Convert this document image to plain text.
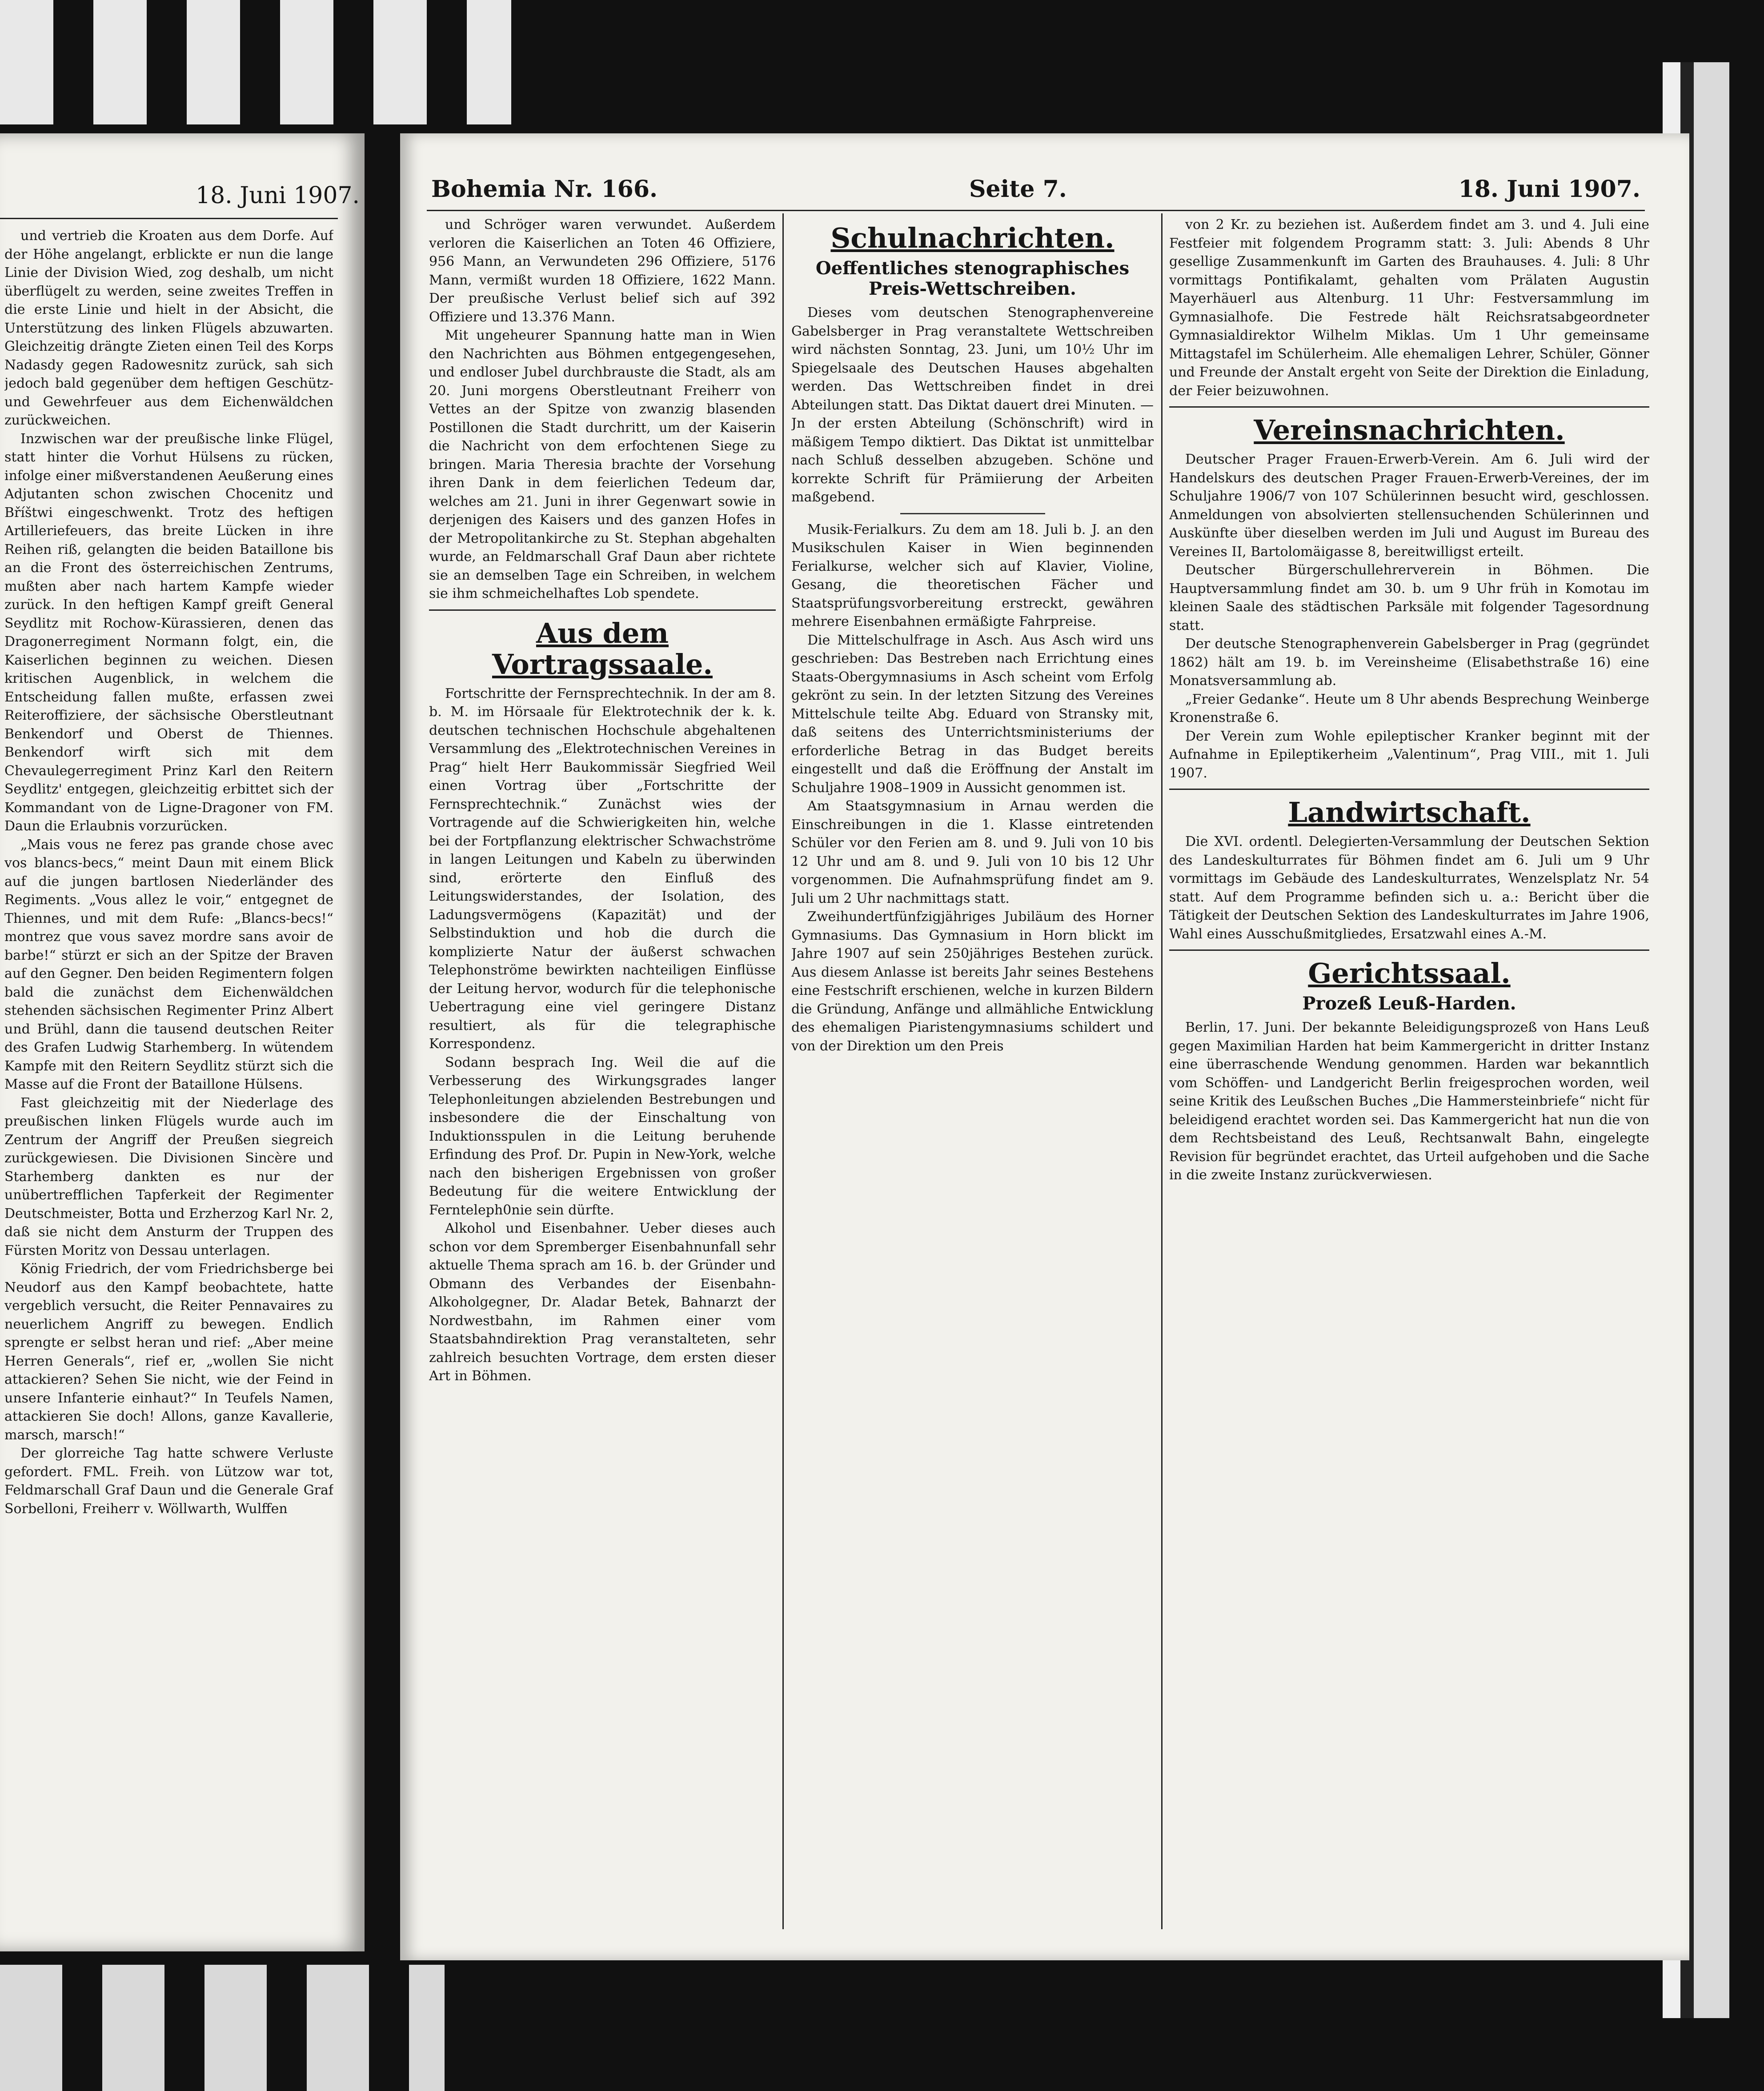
18. Juni 1907.

und vertrieb die Kroaten aus dem Dorfe. Auf der Höhe angelangt, erblickte er nun die lange Linie der Division Wied, zog deshalb, um nicht überflügelt zu werden, seine zweites Treffen in die erste Linie und hielt in der Absicht, die Unterstützung des linken Flügels abzuwarten. Gleichzeitig drängte Zieten einen Teil des Korps Nadasdy gegen Radowesnitz zurück, sah sich jedoch bald gegenüber dem heftigen Geschütz- und Gewehrfeuer aus dem Eichenwäldchen zurückweichen.

Inzwischen war der preußische linke Flügel, statt hinter die Vorhut Hülsens zu rücken, infolge einer mißverstandenen Aeußerung eines Adjutanten schon zwischen Chocenitz und Bříštwi eingeschwenkt. Trotz des heftigen Artilleriefeuers, das breite Lücken in ihre Reihen riß, gelangten die beiden Bataillone bis an die Front des österreichischen Zentrums, mußten aber nach hartem Kampfe wieder zurück. In den heftigen Kampf greift General Seydlitz mit Rochow-Kürassieren, denen das Dragonerregiment Normann folgt, ein, die Kaiserlichen beginnen zu weichen. Diesen kritischen Augenblick, in welchem die Entscheidung fallen mußte, erfassen zwei Reiteroffiziere, der sächsische Oberstleutnant Benkendorf und Oberst de Thiennes. Benkendorf wirft sich mit dem Chevaulegerregiment Prinz Karl den Reitern Seydlitz' entgegen, gleichzeitig erbittet sich der Kommandant von de Ligne-Dragoner von FM. Daun die Erlaubnis vorzurücken.

„Mais vous ne ferez pas grande chose avec vos blancs-becs,“ meint Daun mit einem Blick auf die jungen bartlosen Niederländer des Regiments. „Vous allez le voir,“ entgegnet de Thiennes, und mit dem Rufe: „Blancs-becs!“ montrez que vous savez mordre sans avoir de barbe!“ stürzt er sich an der Spitze der Braven auf den Gegner. Den beiden Regimentern folgen bald die zunächst dem Eichenwäldchen stehenden sächsischen Regimenter Prinz Albert und Brühl, dann die tausend deutschen Reiter des Grafen Ludwig Starhemberg. In wütendem Kampfe mit den Reitern Seydlitz stürzt sich die Masse auf die Front der Bataillone Hülsens.

Fast gleichzeitig mit der Niederlage des preußischen linken Flügels wurde auch im Zentrum der Angriff der Preußen siegreich zurückgewiesen. Die Divisionen Sincère und Starhemberg dankten es nur der unübertrefflichen Tapferkeit der Regimenter Deutschmeister, Botta und Erzherzog Karl Nr. 2, daß sie nicht dem Ansturm der Truppen des Fürsten Moritz von Dessau unterlagen.

König Friedrich, der vom Friedrichsberge bei Neudorf aus den Kampf beobachtete, hatte vergeblich versucht, die Reiter Pennavaires zu neuerlichem Angriff zu bewegen. Endlich sprengte er selbst heran und rief: „Aber meine Herren Generals“, rief er, „wollen Sie nicht attackieren? Sehen Sie nicht, wie der Feind in unsere Infanterie einhaut?“ In Teufels Namen, attackieren Sie doch! Allons, ganze Kavallerie, marsch, marsch!“

Der glorreiche Tag hatte schwere Verluste gefordert. FML. Freih. von Lützow war tot, Feldmarschall Graf Daun und die Generale Graf Sorbelloni, Freiherr v. Wöllwarth, Wulffen

Bohemia Nr. 166.	Seite 7.	18. Juni 1907.

und Schröger waren verwundet. Außerdem verloren die Kaiserlichen an Toten 46 Offiziere, 956 Mann, an Verwundeten 296 Offiziere, 5176 Mann, vermißt wurden 18 Offiziere, 1622 Mann. Der preußische Verlust belief sich auf 392 Offiziere und 13.376 Mann.

Mit ungeheurer Spannung hatte man in Wien den Nachrichten aus Böhmen entgegengesehen, und endloser Jubel durchbrauste die Stadt, als am 20. Juni morgens Oberstleutnant Freiherr von Vettes an der Spitze von zwanzig blasenden Postillonen die Stadt durchritt, um der Kaiserin die Nachricht von dem erfochtenen Siege zu bringen. Maria Theresia brachte der Vorsehung ihren Dank in dem feierlichen Tedeum dar, welches am 21. Juni in ihrer Gegenwart sowie in derjenigen des Kaisers und des ganzen Hofes in der Metropolitankirche zu St. Stephan abgehalten wurde, an Feldmarschall Graf Daun aber richtete sie an demselben Tage ein Schreiben, in welchem sie ihm schmeichelhaftes Lob spendete.

Aus dem Vortragssaale.

Fortschritte der Fernsprechtechnik. In der am 8. b. M. im Hörsaale für Elektrotechnik der k. k. deutschen technischen Hochschule abgehaltenen Versammlung des „Elektrotechnischen Vereines in Prag“ hielt Herr Baukommissär Siegfried Weil einen Vortrag über „Fortschritte der Fernsprechtechnik.“ Zunächst wies der Vortragende auf die Schwierigkeiten hin, welche bei der Fortpflanzung elektrischer Schwachströme in langen Leitungen und Kabeln zu überwinden sind, erörterte den Einfluß des Leitungswiderstandes, der Isolation, des Ladungsvermögens (Kapazität) und der Selbstinduktion und hob die durch die komplizierte Natur der äußerst schwachen Telephonströme bewirkten nachteiligen Einflüsse der Leitung hervor, wodurch für die telephonische Uebertragung eine viel geringere Distanz resultiert, als für die telegraphische Korrespondenz.

Sodann besprach Ing. Weil die auf die Verbesserung des Wirkungsgrades langer Telephonleitungen abzielenden Bestrebungen und insbesondere die der Einschaltung von Induktionsspulen in die Leitung beruhende Erfindung des Prof. Dr. Pupin in New-York, welche nach den bisherigen Ergebnissen von großer Bedeutung für die weitere Entwicklung der Fernteleph0nie sein dürfte.

Alkohol und Eisenbahner. Ueber dieses auch schon vor dem Spremberger Eisenbahnunfall sehr aktuelle Thema sprach am 16. b. der Gründer und Obmann des Verbandes der Eisenbahn-Alkoholgegner, Dr. Aladar Betek, Bahnarzt der Nordwestbahn, im Rahmen einer vom Staatsbahndirektion Prag veranstalteten, sehr zahlreich besuchten Vortrage, dem ersten dieser Art in Böhmen.

Schulnachrichten.
Oeffentliches stenographisches Preis-Wettschreiben.

Dieses vom deutschen Stenographenvereine Gabelsberger in Prag veranstaltete Wettschreiben wird nächsten Sonntag, 23. Juni, um 10½ Uhr im Spiegelsaale des Deutschen Hauses abgehalten werden. Das Wettschreiben findet in drei Abteilungen statt. Das Diktat dauert drei Minuten. — Jn der ersten Abteilung (Schönschrift) wird in mäßigem Tempo diktiert. Das Diktat ist unmittelbar nach Schluß desselben abzugeben. Schöne und korrekte Schrift für Prämiierung der Arbeiten maßgebend.

Musik-Ferialkurs. Zu dem am 18. Juli b. J. an den Musikschulen Kaiser in Wien beginnenden Ferialkurse, welcher sich auf Klavier, Violine, Gesang, die theoretischen Fächer und Staatsprüfungsvorbereitung erstreckt, gewähren mehrere Eisenbahnen ermäßigte Fahrpreise.

Die Mittelschulfrage in Asch. Aus Asch wird uns geschrieben: Das Bestreben nach Errichtung eines Staats-Obergymnasiums in Asch scheint vom Erfolg gekrönt zu sein. In der letzten Sitzung des Vereines Mittelschule teilte Abg. Eduard von Stransky mit, daß seitens des Unterrichtsministeriums der erforderliche Betrag in das Budget bereits eingestellt und daß die Eröffnung der Anstalt im Schuljahre 1908–1909 in Aussicht genommen ist.

Am Staatsgymnasium in Arnau werden die Einschreibungen in die 1. Klasse eintretenden Schüler vor den Ferien am 8. und 9. Juli von 10 bis 12 Uhr und am 8. und 9. Juli von 10 bis 12 Uhr vorgenommen. Die Aufnahmsprüfung findet am 9. Juli um 2 Uhr nachmittags statt.

Zweihundertfünfzigjähriges Jubiläum des Horner Gymnasiums. Das Gymnasium in Horn blickt im Jahre 1907 auf sein 250jähriges Bestehen zurück. Aus diesem Anlasse ist bereits Jahr seines Bestehens eine Festschrift erschienen, welche in kurzen Bildern die Gründung, Anfänge und allmähliche Entwicklung des ehemaligen Piaristengymnasiums schildert und von der Direktion um den Preis

von 2 Kr. zu beziehen ist. Außerdem findet am 3. und 4. Juli eine Festfeier mit folgendem Programm statt: 3. Juli: Abends 8 Uhr gesellige Zusammenkunft im Garten des Brauhauses. 4. Juli: 8 Uhr vormittags Pontifikalamt, gehalten vom Prälaten Augustin Mayerhäuerl aus Altenburg. 11 Uhr: Festversammlung im Gymnasialhofe. Die Festrede hält Reichsratsabgeordneter Gymnasialdirektor Wilhelm Miklas. Um 1 Uhr gemeinsame Mittagstafel im Schülerheim. Alle ehemaligen Lehrer, Schüler, Gönner und Freunde der Anstalt ergeht von Seite der Direktion die Einladung, der Feier beizuwohnen.

Vereinsnachrichten.

Deutscher Prager Frauen-Erwerb-Verein. Am 6. Juli wird der Handelskurs des deutschen Prager Frauen-Erwerb-Vereines, der im Schuljahre 1906/7 von 107 Schülerinnen besucht wird, geschlossen. Anmeldungen von absolvierten stellensuchenden Schülerinnen und Auskünfte über dieselben werden im Juli und August im Bureau des Vereines II, Bartolomäigasse 8, bereitwilligst erteilt.

Deutscher Bürgerschullehrerverein in Böhmen. Die Hauptversammlung findet am 30. b. um 9 Uhr früh in Komotau im kleinen Saale des städtischen Parksäle mit folgender Tagesordnung statt.

Der deutsche Stenographenverein Gabelsberger in Prag (gegründet 1862) hält am 19. b. im Vereinsheime (Elisabethstraße 16) eine Monatsversammlung ab.

„Freier Gedanke“. Heute um 8 Uhr abends Besprechung Weinberge Kronenstraße 6.

Der Verein zum Wohle epileptischer Kranker beginnt mit der Aufnahme in Epileptikerheim „Valentinum“, Prag VIII., mit 1. Juli 1907.

Landwirtschaft.

Die XVI. ordentl. Delegierten-Versammlung der Deutschen Sektion des Landeskulturrates für Böhmen findet am 6. Juli um 9 Uhr vormittags im Gebäude des Landeskulturrates, Wenzelsplatz Nr. 54 statt. Auf dem Programme befinden sich u. a.: Bericht über die Tätigkeit der Deutschen Sektion des Landeskulturrates im Jahre 1906, Wahl eines Ausschußmitgliedes, Ersatzwahl eines A.-M.

Gerichtssaal.
Prozeß Leuß-Harden.

Berlin, 17. Juni. Der bekannte Beleidigungsprozeß von Hans Leuß gegen Maximilian Harden hat beim Kammergericht in dritter Instanz eine überraschende Wendung genommen. Harden war bekanntlich vom Schöffen- und Landgericht Berlin freigesprochen worden, weil seine Kritik des Leußschen Buches „Die Hammersteinbriefe“ nicht für beleidigend erachtet worden sei. Das Kammergericht hat nun die von dem Rechtsbeistand des Leuß, Rechtsanwalt Bahn, eingelegte Revision für begründet erachtet, das Urteil aufgehoben und die Sache in die zweite Instanz zurückverwiesen.
